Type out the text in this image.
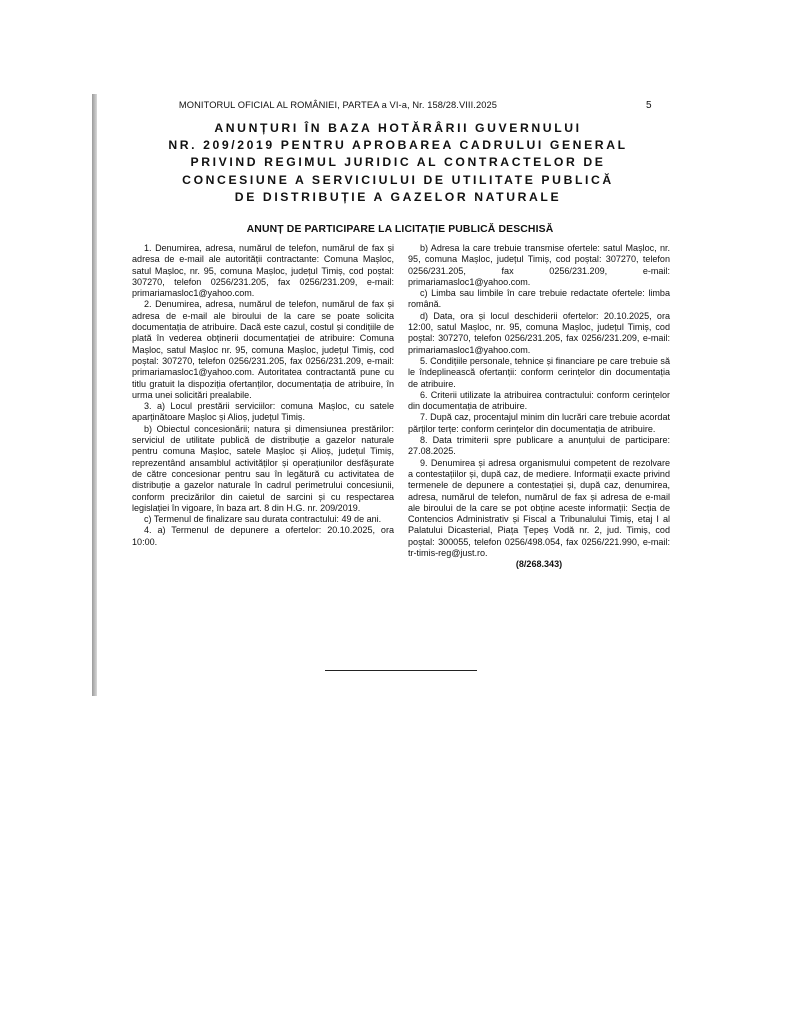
MONITORUL OFICIAL AL ROMÂNIEI, PARTEA a VI-a, Nr. 158/28.VIII.2025	5
ANUNȚURI ÎN BAZA HOTĂRÂRII GUVERNULUI
NR. 209/2019 PENTRU APROBAREA CADRULUI GENERAL
PRIVIND REGIMUL JURIDIC AL CONTRACTELOR DE
CONCESIUNE A SERVICIULUI DE UTILITATE PUBLICĂ
DE DISTRIBUȚIE A GAZELOR NATURALE
ANUNȚ DE PARTICIPARE LA LICITAȚIE PUBLICĂ DESCHISĂ

1. Denumirea, adresa, numărul de telefon, numărul de fax și adresa de e-mail ale autorității contractante: Comuna Mașloc, satul Mașloc, nr. 95, comuna Mașloc, județul Timiș, cod poștal: 307270, telefon 0256/231.205, fax 0256/231.209, e-mail: primariamasloc1@yahoo.com.

2. Denumirea, adresa, numărul de telefon, numărul de fax și adresa de e-mail ale biroului de la care se poate solicita documentația de atribuire. Dacă este cazul, costul și condițiile de plată în vederea obținerii documentației de atribuire: Comuna Mașloc, satul Mașloc nr. 95, comuna Mașloc, județul Timiș, cod poștal: 307270, telefon 0256/231.205, fax 0256/231.209, e-mail: primariamasloc1@yahoo.com. Autoritatea contractantă pune cu titlu gratuit la dispoziția ofertanților, documentația de atribuire, în urma unei solicitări prealabile.

3. a) Locul prestării serviciilor: comuna Mașloc, cu satele aparținătoare Mașloc și Alioș, județul Timiș.

b) Obiectul concesionării; natura și dimensiunea prestărilor: serviciul de utilitate publică de distribuție a gazelor naturale pentru comuna Mașloc, satele Mașloc și Alioș, județul Timiș, reprezentând ansamblul activităților și operațiunilor desfășurate de către concesionar pentru sau în legătură cu activitatea de distribuție a gazelor naturale în cadrul perimetrului concesiunii, conform precizărilor din caietul de sarcini și cu respectarea legislației în vigoare, în baza art. 8 din H.G. nr. 209/2019.

c) Termenul de finalizare sau durata contractului: 49 de ani.

4. a) Termenul de depunere a ofertelor: 20.10.2025, ora 10:00.

b) Adresa la care trebuie transmise ofertele: satul Mașloc, nr. 95, comuna Mașloc, județul Timiș, cod poștal: 307270, telefon 0256/231.205, fax 0256/231.209, e-mail: primariamasloc1@yahoo.com.

c) Limba sau limbile în care trebuie redactate ofertele: limba română.

d) Data, ora și locul deschiderii ofertelor: 20.10.2025, ora 12:00, satul Mașloc, nr. 95, comuna Mașloc, județul Timiș, cod poștal: 307270, telefon 0256/231.205, fax 0256/231.209, e-mail: primariamasloc1@yahoo.com.

5. Condițiile personale, tehnice și financiare pe care trebuie să le îndeplinească ofertanții: conform cerințelor din documentația de atribuire.

6. Criterii utilizate la atribuirea contractului: conform cerințelor din documentația de atribuire.

7. După caz, procentajul minim din lucrări care trebuie acordat părților terțe: conform cerințelor din documentația de atribuire.

8. Data trimiterii spre publicare a anunțului de participare: 27.08.2025.

9. Denumirea și adresa organismului competent de rezolvare a contestațiilor și, după caz, de mediere. Informații exacte privind termenele de depunere a contestației și, după caz, denumirea, adresa, numărul de telefon, numărul de fax și adresa de e-mail ale biroului de la care se pot obține aceste informații: Secția de Contencios Administrativ și Fiscal a Tribunalului Timiș, etaj I al Palatului Dicasterial, Piața Țepeș Vodă nr. 2, jud. Timiș, cod poștal: 300055, telefon 0256/498.054, fax 0256/221.990, e-mail: tr-timis-reg@just.ro.

(8/268.343)
